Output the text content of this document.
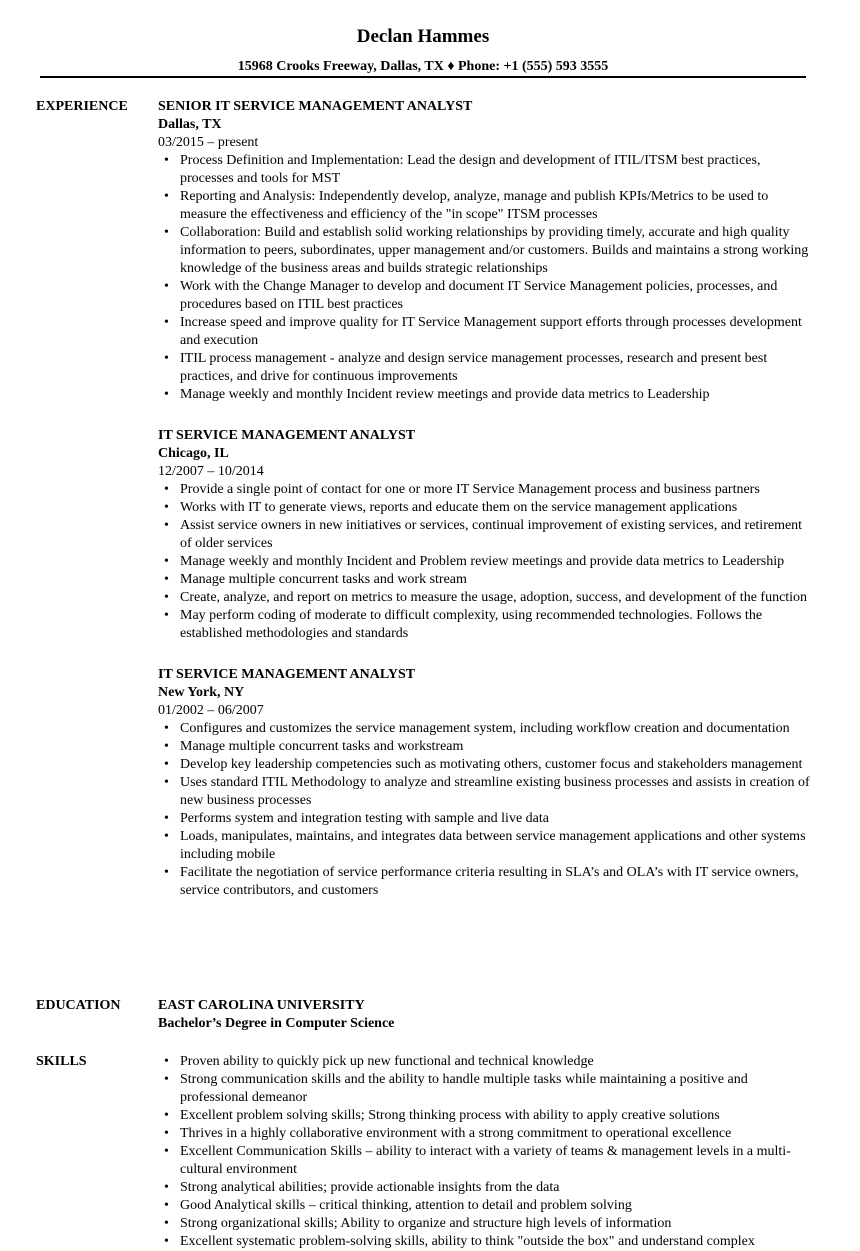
Declan Hammes
15968 Crooks Freeway, Dallas, TX ♦ Phone: +1 (555) 593 3555
EXPERIENCE SENIOR IT SERVICE MANAGEMENT ANALYST
Dallas, TX
03/2015 – present
• Process Definition and Implementation: Lead the design and development of ITIL/ITSM best practices, processes and tools for MST
• Reporting and Analysis: Independently develop, analyze, manage and publish KPIs/Metrics to be used to measure the effectiveness and efficiency of the "in scope" ITSM processes
• Collaboration: Build and establish solid working relationships by providing timely, accurate and high quality information to peers, subordinates, upper management and/or customers. Builds and maintains a strong working knowledge of the business areas and builds strategic relationships
• Work with the Change Manager to develop and document IT Service Management policies, processes, and procedures based on ITIL best practices
• Increase speed and improve quality for IT Service Management support efforts through processes development and execution
• ITIL process management - analyze and design service management processes, research and present best practices, and drive for continuous improvements
• Manage weekly and monthly Incident review meetings and provide data metrics to Leadership
IT SERVICE MANAGEMENT ANALYST
Chicago, IL
12/2007 – 10/2014
• Provide a single point of contact for one or more IT Service Management process and business partners
• Works with IT to generate views, reports and educate them on the service management applications
• Assist service owners in new initiatives or services, continual improvement of existing services, and retirement of older services
• Manage weekly and monthly Incident and Problem review meetings and provide data metrics to Leadership
• Manage multiple concurrent tasks and work stream
• Create, analyze, and report on metrics to measure the usage, adoption, success, and development of the function
• May perform coding of moderate to difficult complexity, using recommended technologies. Follows the established methodologies and standards
IT SERVICE MANAGEMENT ANALYST
New York, NY
01/2002 – 06/2007
• Configures and customizes the service management system, including workflow creation and documentation
• Manage multiple concurrent tasks and workstream
• Develop key leadership competencies such as motivating others, customer focus and stakeholders management
• Uses standard ITIL Methodology to analyze and streamline existing business processes and assists in creation of new business processes
• Performs system and integration testing with sample and live data
• Loads, manipulates, maintains, and integrates data between service management applications and other systems including mobile
• Facilitate the negotiation of service performance criteria resulting in SLA’s and OLA’s with IT service owners, service contributors, and customers
EDUCATION	EAST CAROLINA UNIVERSITY
Bachelor’s Degree in Computer Science
SKILLS	• Proven ability to quickly pick up new functional and technical knowledge
• Strong communication skills and the ability to handle multiple tasks while maintaining a positive and professional demeanor
• Excellent problem solving skills; Strong thinking process with ability to apply creative solutions
• Thrives in a highly collaborative environment with a strong commitment to operational excellence
• Excellent Communication Skills – ability to interact with a variety of teams & management levels in a multi-cultural environment
• Strong analytical abilities; provide actionable insights from the data
• Good Analytical skills – critical thinking, attention to detail and problem solving
• Strong organizational skills; Ability to organize and structure high levels of information
• Excellent systematic problem-solving skills, ability to think "outside the box" and understand complex
